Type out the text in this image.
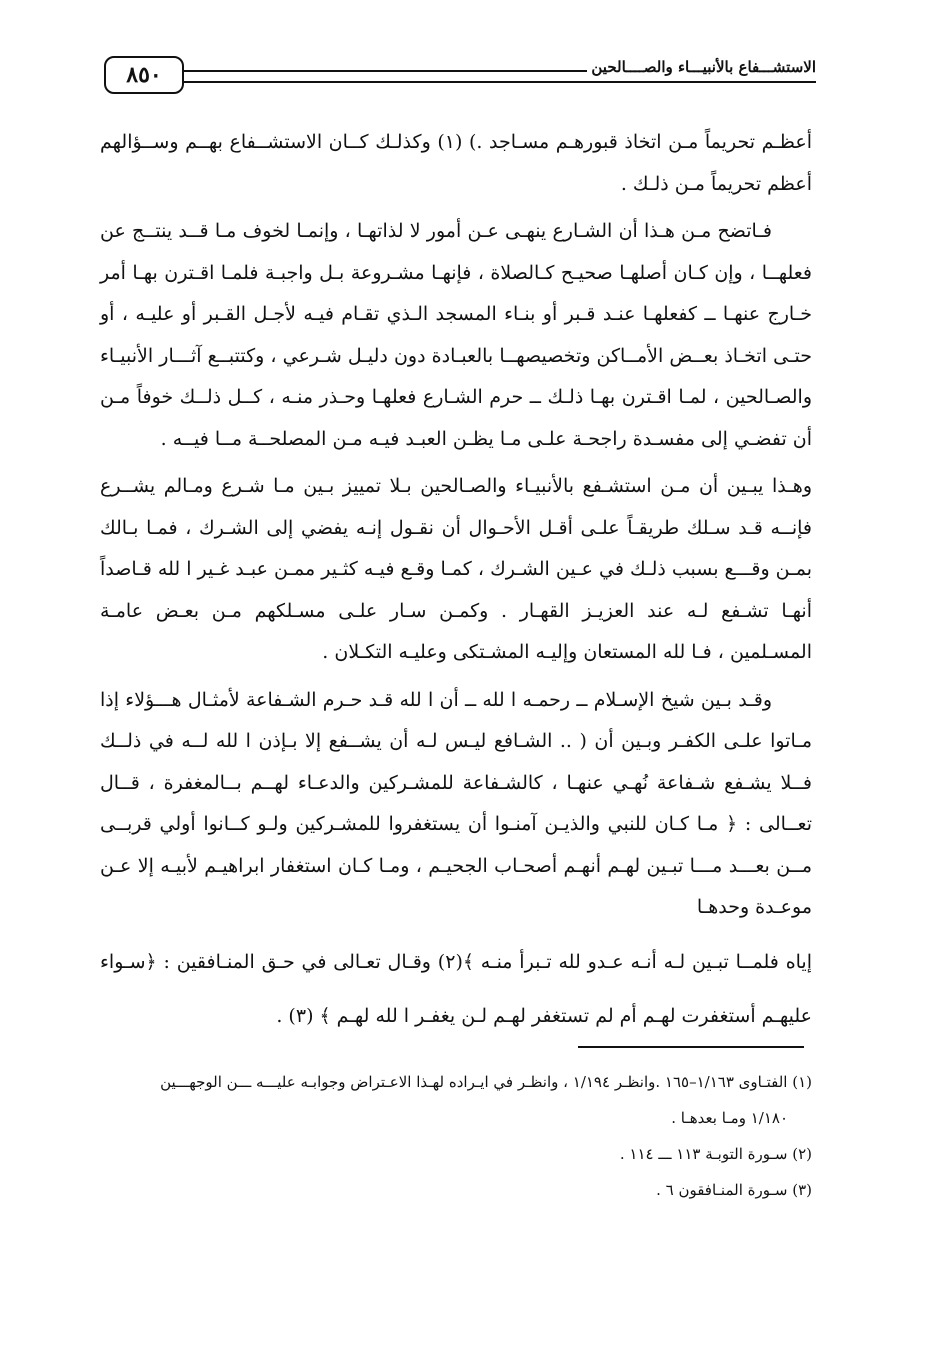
٨٥٠	الاستشـــفاع بالأنبيـــاء والصــــالحين

أعظـم تحريماً مـن اتخاذ قبورهـم مسـاجد .) (١) وكذلـك كــان الاستشــفاع بهــم وســؤالهم أعظم تحريماً مـن ذلـك .

فـاتضح مـن هـذا أن الشـارع ينهـى عـن أمور لا لذاتهـا ، وإنمـا لخوف مـا قــد ينتــج عن فعلهــا ، وإن كـان أصلهـا صحيـح كـالصلاة ، فإنهـا مشـروعة بـل واجبـة فلمـا اقـترن بهـا أمر خـارج عنهـا ــ كفعلهـا عنـد قـبر أو بنـاء المسجد الـذي تقـام فيـه لأجـل القـبر أو عليـه ، أو حتـى اتخـاذ بعــض الأمــاكن وتخصيصهــا بالعبـادة دون دليـل شـرعي ، وكتتبــع آثـــار الأنبيـاء والصـالحين ، لمـا اقـترن بهـا ذلـك ــ حرم الشـارع فعلهـا وحـذر منـه ، كــل ذلــك خوفاً مـن أن تفضـي إلى مفسـدة راجحـة علـى مـا يظـن العبـد فيـه مـن المصلحــة مــا فيــه .

وهـذا يبـين أن مـن استشـفع بالأنبيـاء والصـالحين بـلا تمييز بـين مـا شـرع ومـالم يشــرع فإنــه قـد سـلك طريقـاً علـى أقـل الأحـوال أن نقـول إنـه يفضي إلى الشـرك ، فمـا بـالك بمـن وقـــع بسبب ذلـك في عـين الشـرك ، كمـا وقـع فيـه كثـير ممـن عبـد غـير ا لله قـاصداً أنهـا تشـفع لـه عند العزيـز القهـار . وكمـن سـار علـى مسـلكهم مـن بعـض عامـة المسـلمين ، فـا لله المستعان وإليـه المشـتكى وعليـه التكـلان .

وقـد بـين شيخ الإسـلام ــ رحمـه ا لله ــ أن ا لله قـد حـرم الشـفاعة لأمثـال هـــؤلاء إذا مـاتوا علـى الكفـر وبـين أن ( .. الشـافع ليـس لـه أن يشــفع إلا بـإذن ا لله لــه في ذلــك فــلا يشـفع شـفاعة نُهـي عنهـا ، كالشـفاعة للمشـركين والدعـاء لهــم بــالمغفرة ، قــال تعــالى : ﴿ مـا كـان للنبي والذيـن آمنـوا أن يستغفروا للمشـركين ولـو كــانوا أولي قربــى مــن بعـــد مـــا تبـين لهـم أنهـم أصحـاب الجحيـم ، ومـا كـان استغفار ابراهيـم لأبيـه إلا عـن موعـدة وحدهـا

إياه فلمــا تبـين لـه أنـه عـدو لله تـبرأ منـه ﴾(٢) وقـال تعـالى في حـق المنـافقين : ﴿سـواء عليهـم أستغفرت لهـم أم لم تستغفر لهـم لـن يغفـر ا لله لهـم ﴾ (٣) .

(١) الفتـاوى ١/١٦٣–١٦٥ .وانظـر ١/١٩٤ ، وانظـر في ايـراده لهـذا الاعـتراض وجوابـه عليـــه ـــن الوجهـــين

١/١٨٠ ومـا بعدهـا .

(٢) سـورة التوبـة ١١٣ ـــ ١١٤ .

(٣) سـورة المنـافقون ٦ .
